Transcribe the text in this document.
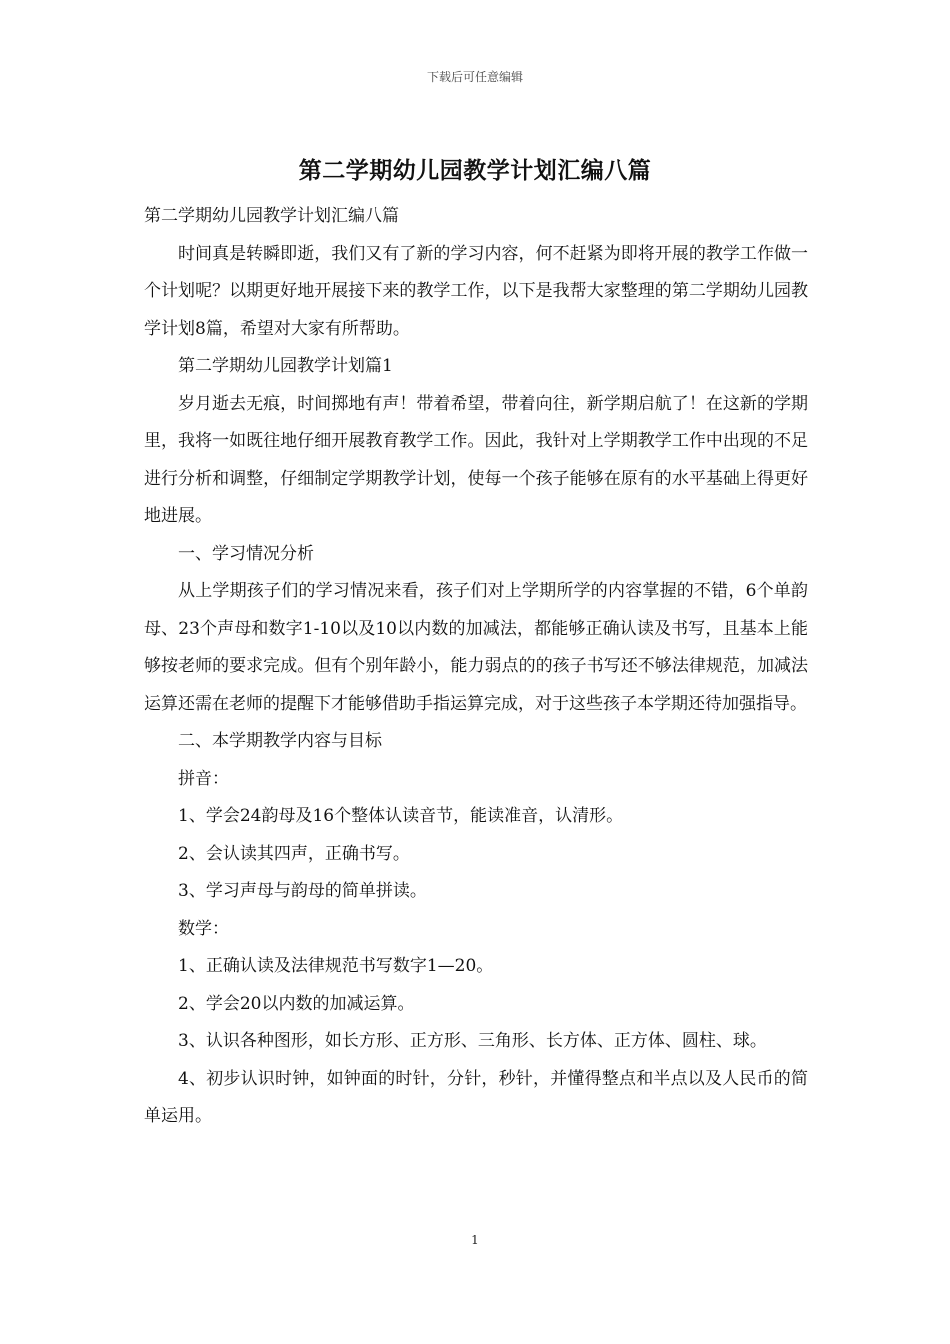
下载后可任意编辑
第二学期幼儿园教学计划汇编八篇

第二学期幼儿园教学计划汇编八篇

时间真是转瞬即逝，我们又有了新的学习内容，何不赶紧为即将开展的教学工作做一个计划呢？以期更好地开展接下来的教学工作，以下是我帮大家整理的第二学期幼儿园教学计划8篇，希望对大家有所帮助。

第二学期幼儿园教学计划篇1

岁月逝去无痕，时间掷地有声！带着希望，带着向往，新学期启航了！在这新的学期里，我将一如既往地仔细开展教育教学工作。因此，我针对上学期教学工作中出现的不足进行分析和调整，仔细制定学期教学计划，使每一个孩子能够在原有的水平基础上得更好地进展。

一、学习情况分析

从上学期孩子们的学习情况来看，孩子们对上学期所学的内容掌握的不错，6个单韵母、23个声母和数字1-10以及10以内数的加减法，都能够正确认读及书写，且基本上能够按老师的要求完成。但有个别年龄小，能力弱点的的孩子书写还不够法律规范，加减法运算还需在老师的提醒下才能够借助手指运算完成，对于这些孩子本学期还待加强指导。

二、本学期教学内容与目标

拼音：

1、学会24韵母及16个整体认读音节，能读准音，认清形。

2、会认读其四声，正确书写。

3、学习声母与韵母的简单拼读。

数学：

1、正确认读及法律规范书写数字1—20。

2、学会20以内数的加减运算。

3、认识各种图形，如长方形、正方形、三角形、长方体、正方体、圆柱、球。

4、初步认识时钟，如钟面的时针，分针，秒针，并懂得整点和半点以及人民币的简单运用。

1
